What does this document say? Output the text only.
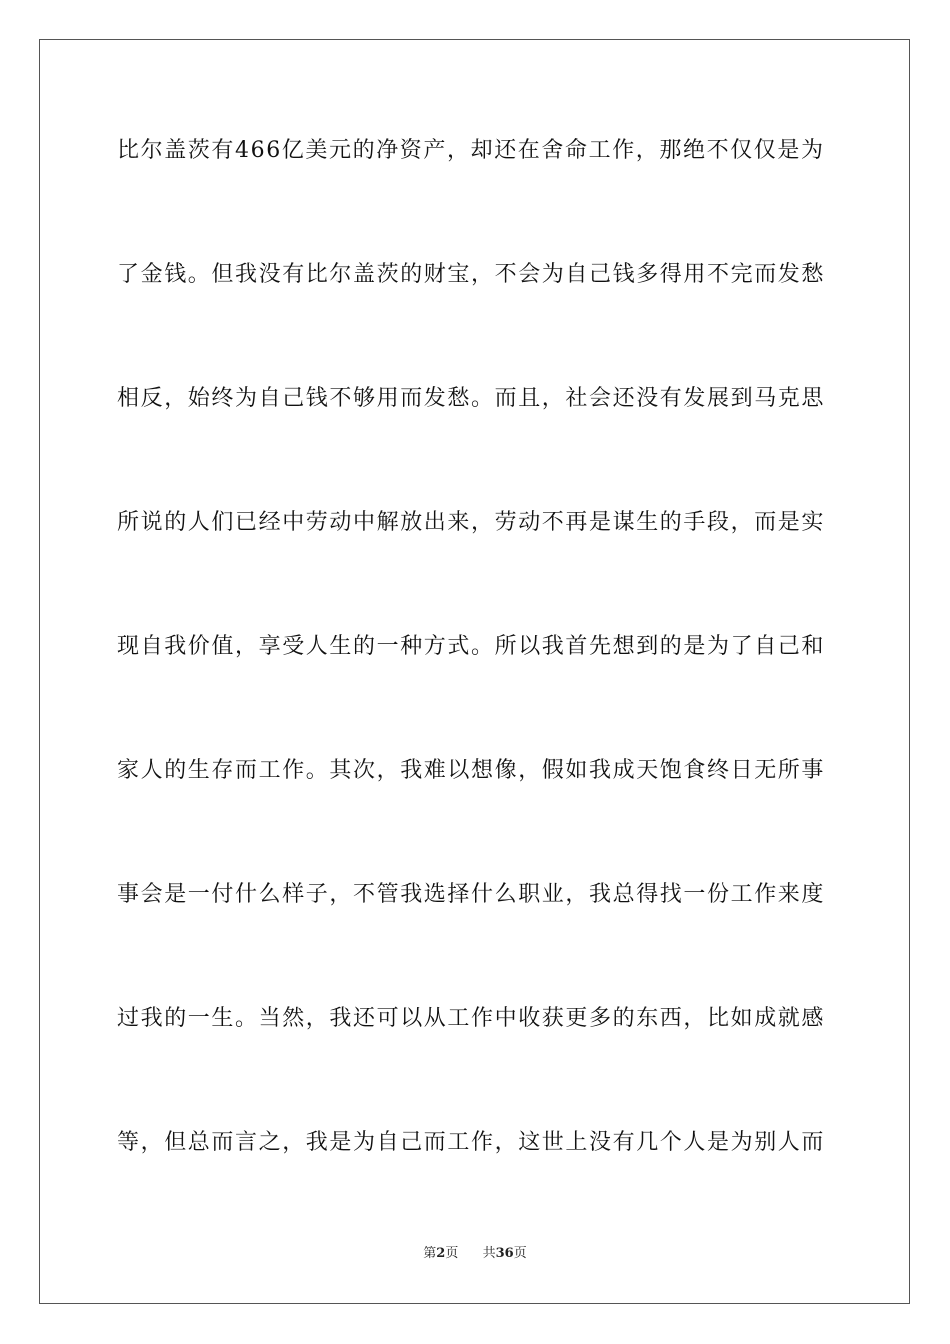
比尔盖茨有466亿美元的净资产，却还在舍命工作，那绝不仅仅是为
了金钱。但我没有比尔盖茨的财宝，不会为自己钱多得用不完而发愁
相反，始终为自己钱不够用而发愁。而且，社会还没有发展到马克思
所说的人们已经中劳动中解放出来，劳动不再是谋生的手段，而是实
现自我价值，享受人生的一种方式。所以我首先想到的是为了自己和
家人的生存而工作。其次，我难以想像，假如我成天饱食终日无所事
事会是一付什么样子，不管我选择什么职业，我总得找一份工作来度
过我的一生。当然，我还可以从工作中收获更多的东西，比如成就感
等，但总而言之，我是为自己而工作，这世上没有几个人是为别人而
第2页 共36页
